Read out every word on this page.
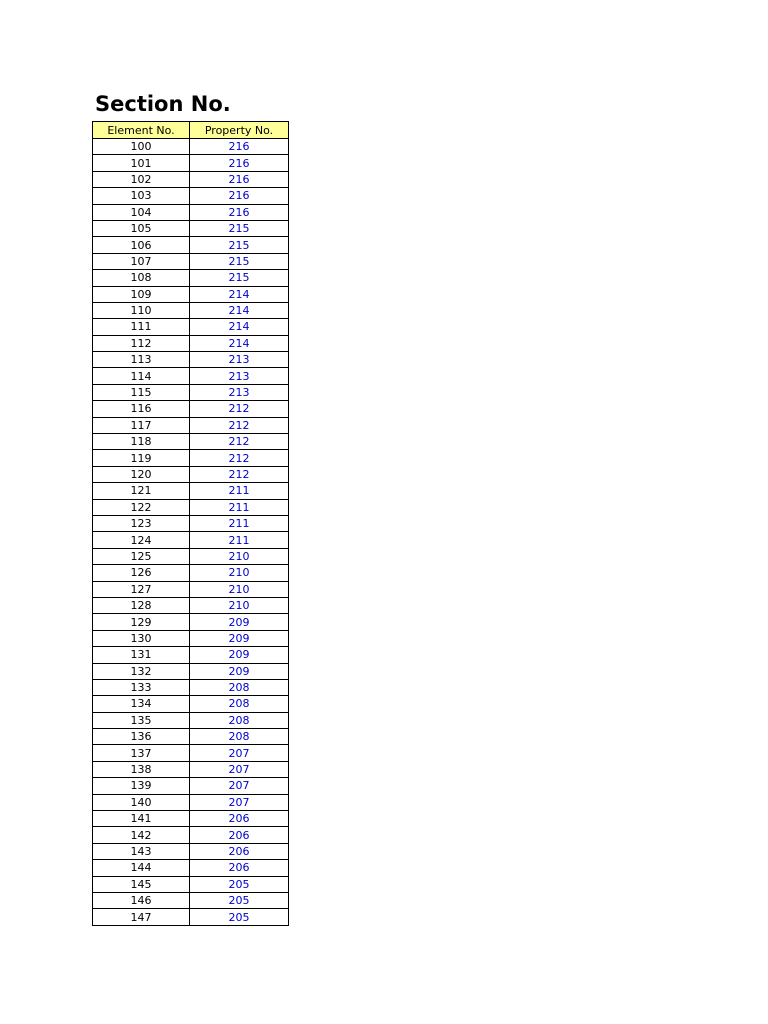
Section No.
Element No.	Property No.
100	216
101	216
102	216
103	216
104	216
105	215
106	215
107	215
108	215
109	214
110	214
111	214
112	214
113	213
114	213
115	213
116	212
117	212
118	212
119	212
120	212
121	211
122	211
123	211
124	211
125	210
126	210
127	210
128	210
129	209
130	209
131	209
132	209
133	208
134	208
135	208
136	208
137	207
138	207
139	207
140	207
141	206
142	206
143	206
144	206
145	205
146	205
147	205
